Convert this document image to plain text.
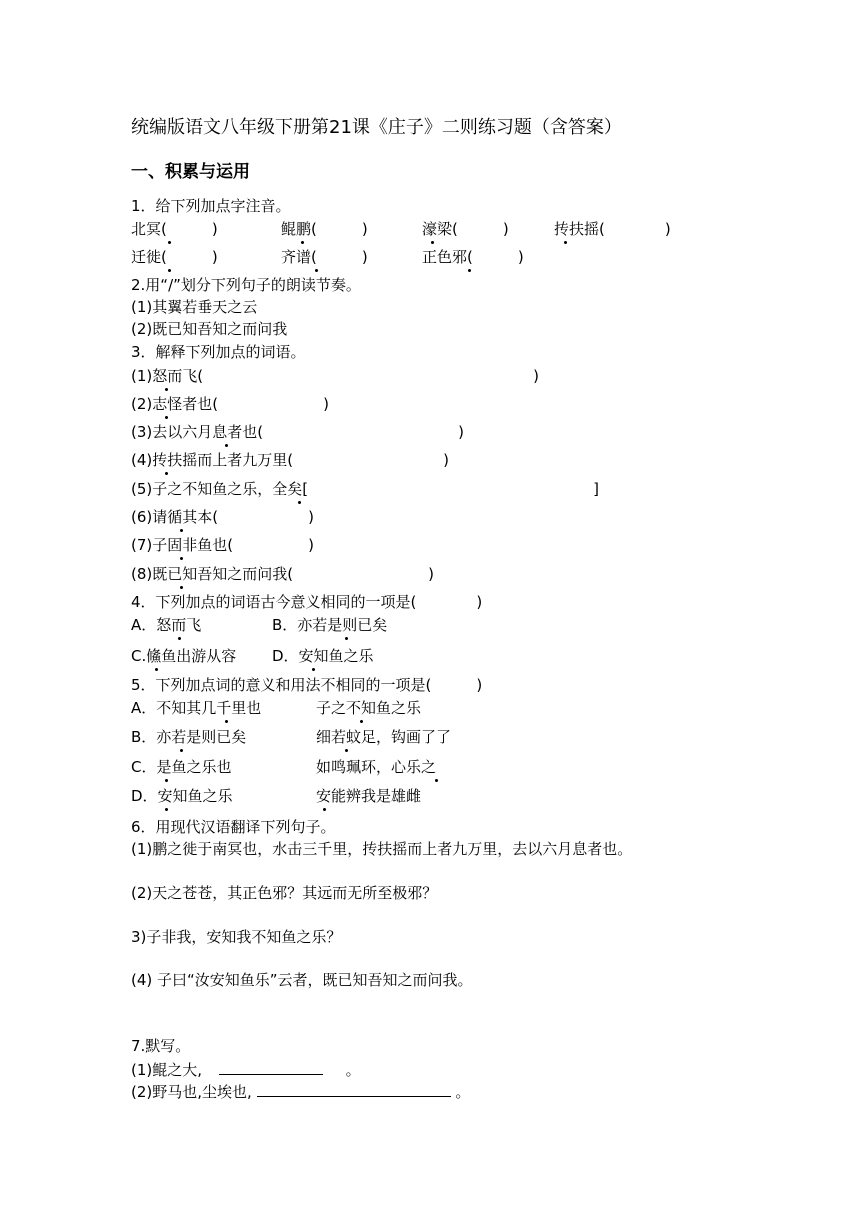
统编版语文八年级下册第21课《庄子》二则练习题（含答案）
一、积累与运用
1．给下列加点字注音。
北冥(　　　)	鲲鹏(　　　)	濠梁(　　　)	抟扶摇(　　　　)
迁徙(　　　)	齐谱(　　　)	正色邪(　　　)
2.用“/”划分下列句子的朗读节奏。
(1)其翼若垂天之云
(2)既已知吾知之而问我
3．解释下列加点的词语。
(1)怒而飞(　　　　　　　　　　　　　　　　　　　　　　)
(2)志怪者也(　　　　　　　)
(3)去以六月息者也(　　　　　　　　　　　　　)
(4)抟扶摇而上者九万里(　　　　　　　　　　)
(5)子之不知鱼之乐，全矣[　　　　　　　　　　　　　　　　　　　]
(6)请循其本(　　　　　　)
(7)子固非鱼也(　　　　　)
(8)既已知吾知之而问我(　　　　　　　　　)
4．下列加点的词语古今意义相同的一项是(　　　　)
A．怒而飞	B．亦若是则已矣
C.鯈鱼出游从容 D．安知鱼之乐
5．下列加点词的意义和用法不相同的一项是(　　　)
A．不知其几千里也	子之不知鱼之乐
B．亦若是则已矣	细若蚊足，钩画了了
C．是鱼之乐也	如鸣珮环，心乐之
D．安知鱼之乐	安能辨我是雄雌
6．用现代汉语翻译下列句子。
(1)鹏之徙于南冥也，水击三千里，抟扶摇而上者九万里，去以六月息者也。
(2)天之苍苍，其正色邪？其远而无所至极邪？
3)子非我，安知我不知鱼之乐？
(4) 子曰“汝安知鱼乐”云者，既已知吾知之而问我。
7.默写。
(1)鲲之大,	。
(2)野马也,尘埃也,	。
